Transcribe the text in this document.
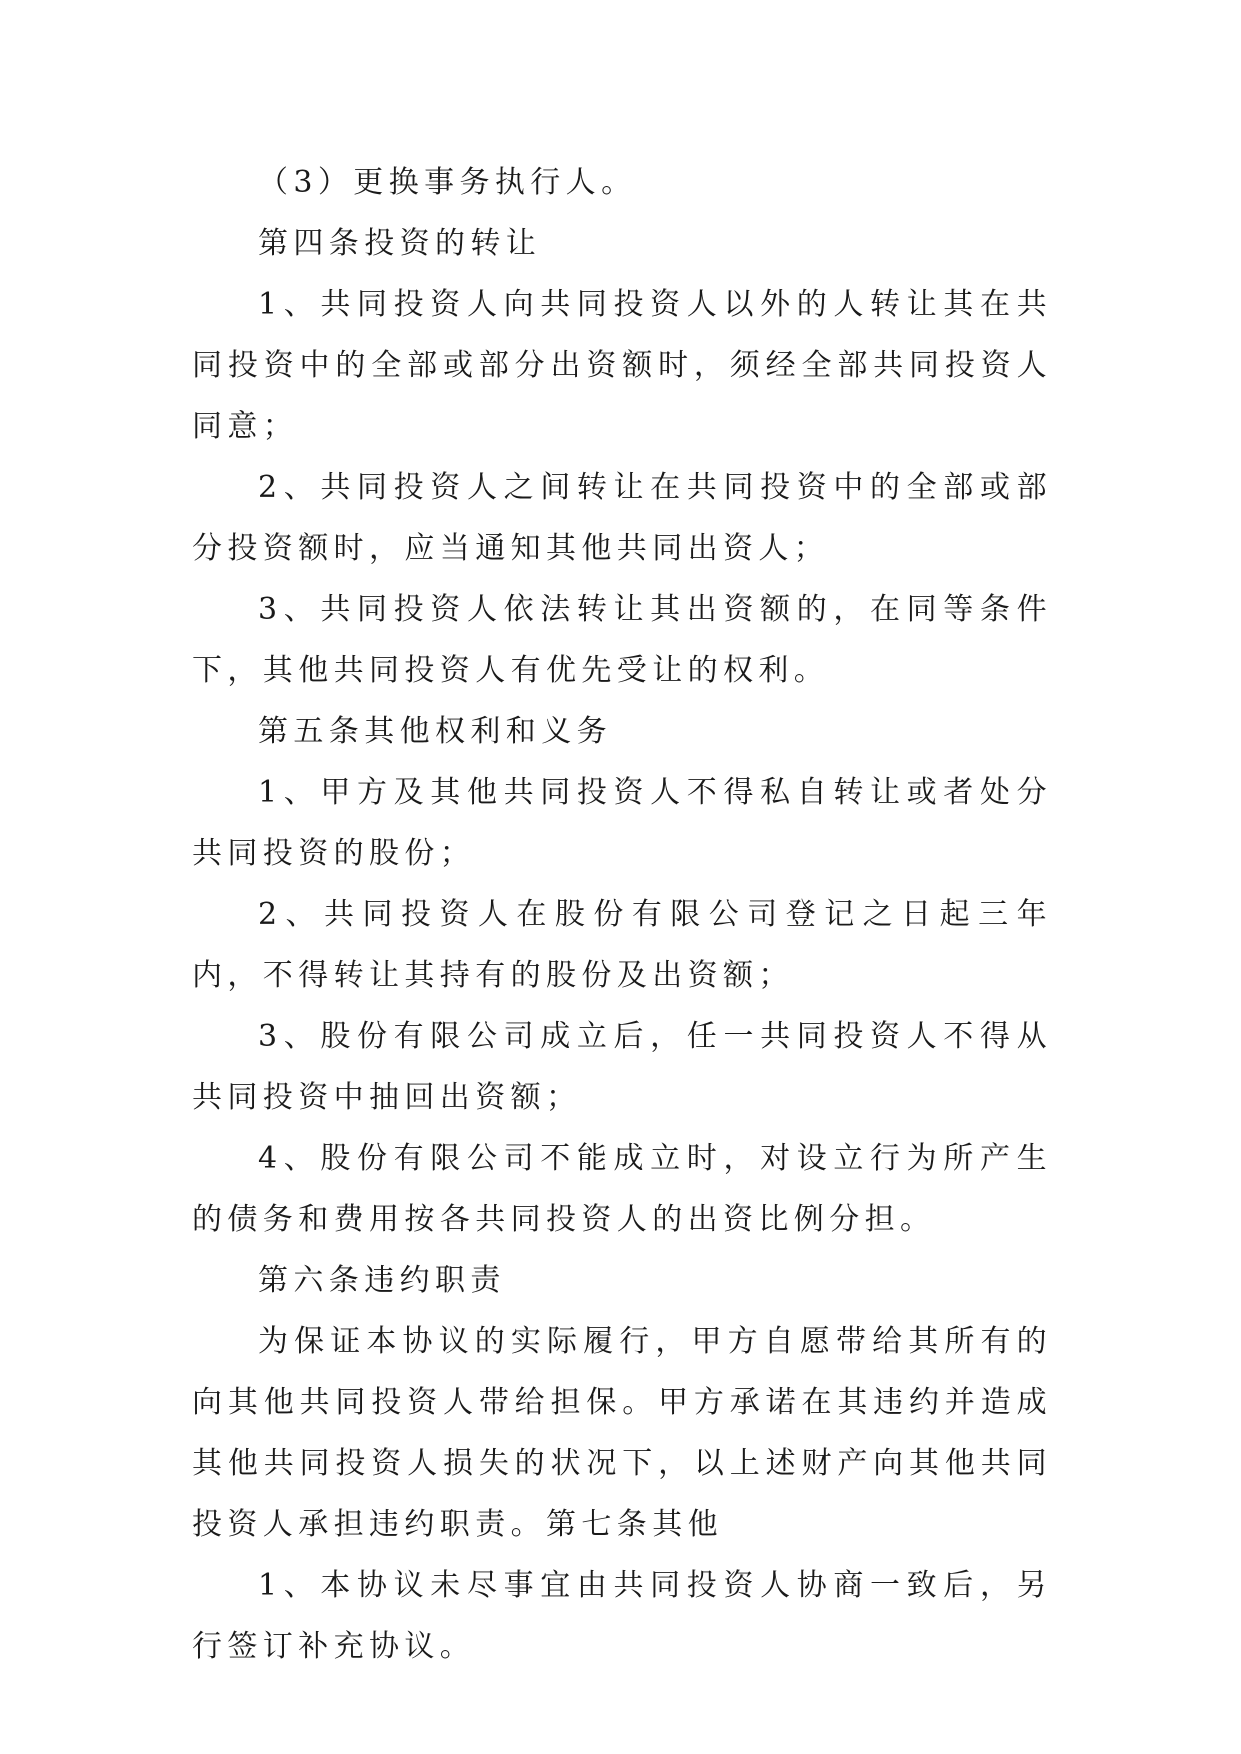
（3）更换事务执行人。

第四条投资的转让

1、共同投资人向共同投资人以外的人转让其在共同投资中的全部或部分出资额时，须经全部共同投资人同意；

2、共同投资人之间转让在共同投资中的全部或部分投资额时，应当通知其他共同出资人；

3、共同投资人依法转让其出资额的，在同等条件下，其他共同投资人有优先受让的权利。

第五条其他权利和义务

1、甲方及其他共同投资人不得私自转让或者处分共同投资的股份；

2、共同投资人在股份有限公司登记之日起三年内，不得转让其持有的股份及出资额；

3、股份有限公司成立后，任一共同投资人不得从共同投资中抽回出资额；

4、股份有限公司不能成立时，对设立行为所产生的债务和费用按各共同投资人的出资比例分担。

第六条违约职责

为保证本协议的实际履行，甲方自愿带给其所有的向其他共同投资人带给担保。甲方承诺在其违约并造成其他共同投资人损失的状况下，以上述财产向其他共同投资人承担违约职责。第七条其他

1、本协议未尽事宜由共同投资人协商一致后，另行签订补充协议。
